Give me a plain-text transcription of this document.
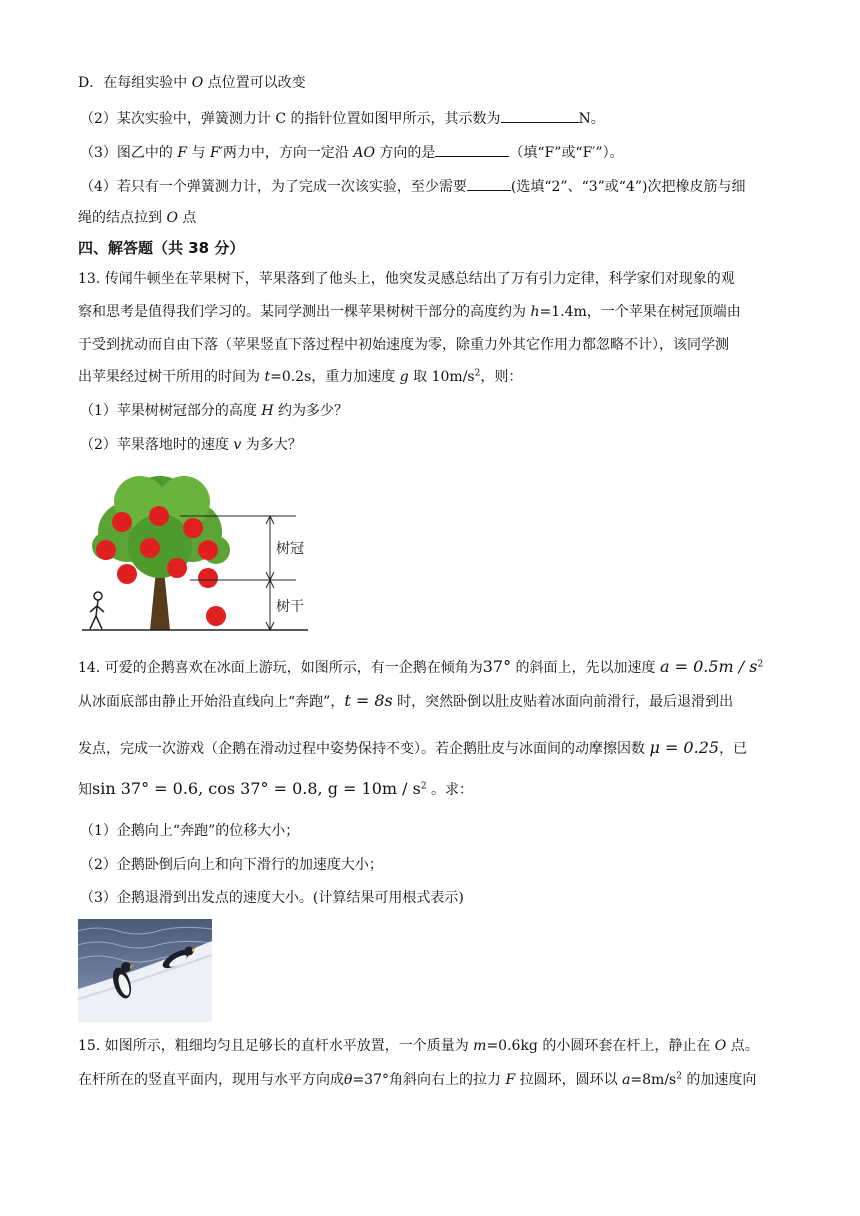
D．在每组实验中 O 点位置可以改变
（2）某次实验中，弹簧测力计 C 的指针位置如图甲所示，其示数为	N。
（3）图乙中的 F 与 F′两力中，方向一定沿 AO 方向的是	（填“F”或“F′”）。
（4）若只有一个弹簧测力计，为了完成一次该实验，至少需要	(选填“2”、“3”或“4”)次把橡皮筋与细
绳的结点拉到 O 点
四、解答题（共 38 分）
13. 传闻牛顿坐在苹果树下，苹果落到了他头上，他突发灵感总结出了万有引力定律，科学家们对现象的观
察和思考是值得我们学习的。某同学测出一棵苹果树树干部分的高度约为 h=1.4m，一个苹果在树冠顶端由
于受到扰动而自由下落（苹果竖直下落过程中初始速度为零，除重力外其它作用力都忽略不计），该同学测
出苹果经过树干所用的时间为 t=0.2s，重力加速度 g 取 $10m/s^2$，则：
（1）苹果树树冠部分的高度 H 约为多少？
（2）苹果落地时的速度 v 为多大？
树冠
树干
14. 可爱的企鹅喜欢在冰面上游玩，如图所示，有一企鹅在倾角为37° 的斜面上，先以加速度 $a = 0.5m / s^2$
从冰面底部由静止开始沿直线向上“奔跑”，t = 8s 时，突然卧倒以肚皮贴着冰面向前滑行，最后退滑到出
发点，完成一次游戏（企鹅在滑动过程中姿势保持不变）。若企鹅肚皮与冰面间的动摩擦因数 μ = 0.25，已
知sin 37° = 0.6, cos 37° = 0.8, $g = 10m / s^2$ 。求：
（1）企鹅向上“奔跑”的位移大小；
（2）企鹅卧倒后向上和向下滑行的加速度大小；
（3）企鹅退滑到出发点的速度大小。(计算结果可用根式表示)
15. 如图所示，粗细均匀且足够长的直杆水平放置，一个质量为 m=0.6kg 的小圆环套在杆上，静止在 O 点。
在杆所在的竖直平面内，现用与水平方向成θ=37°角斜向右上的拉力 F 拉圆环，圆环以 $a=8m/s^2$ 的加速度向
